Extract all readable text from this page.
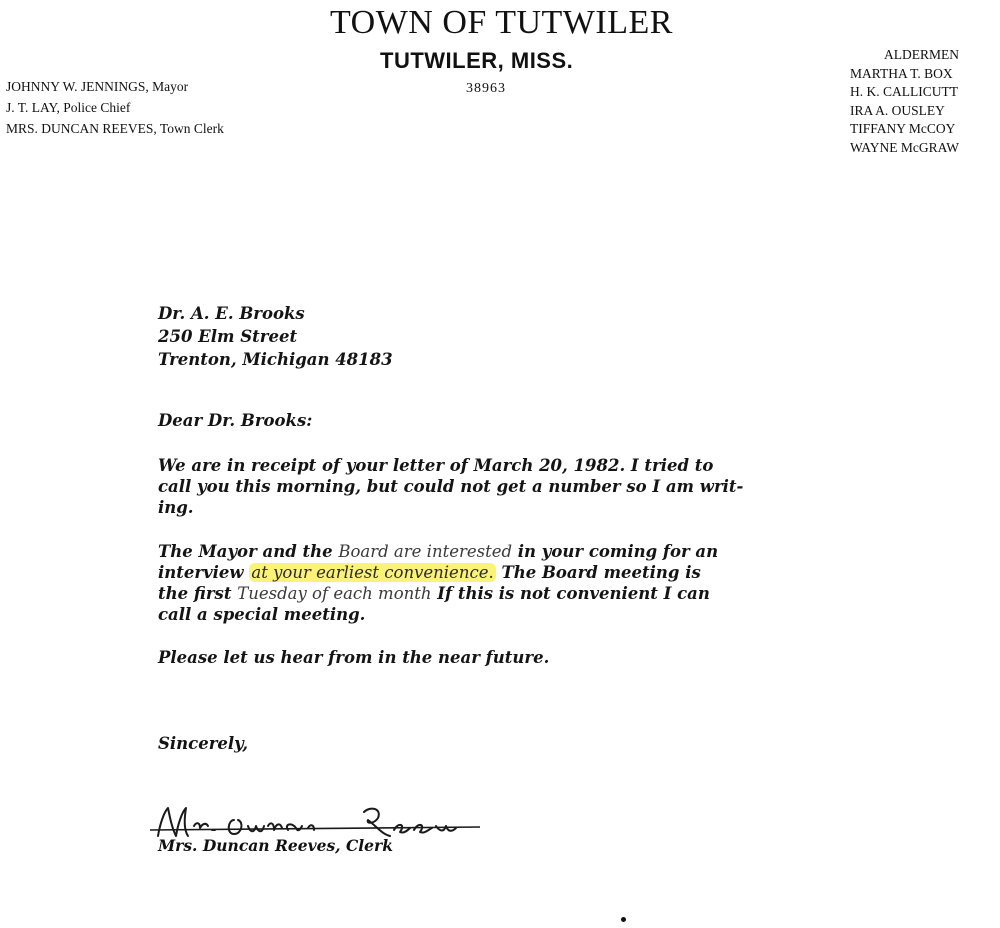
TOWN OF TUTWILER
TUTWILER, MISS.
38963
JOHNNY W. JENNINGS, Mayor
J. T. LAY, Police Chief
MRS. DUNCAN REEVES, Town Clerk
ALDERMEN
MARTHA T. BOX
H. K. CALLICUTT
IRA A. OUSLEY
TIFFANY McCOY
WAYNE McGRAW
Dr. A. E. Brooks
250 Elm Street
Trenton, Michigan 48183
Dear Dr. Brooks:
We are in receipt of your letter of March 20, 1982. I tried to
call you this morning, but could not get a number so I am writ-
ing.
The Mayor and the Board are interested in your coming for an
interview at your earliest convenience. The Board meeting is
the first Tuesday of each month If this is not convenient I can
call a special meeting.
Please let us hear from in the near future.
Sincerely,
Mrs. Duncan Reeves, Clerk
